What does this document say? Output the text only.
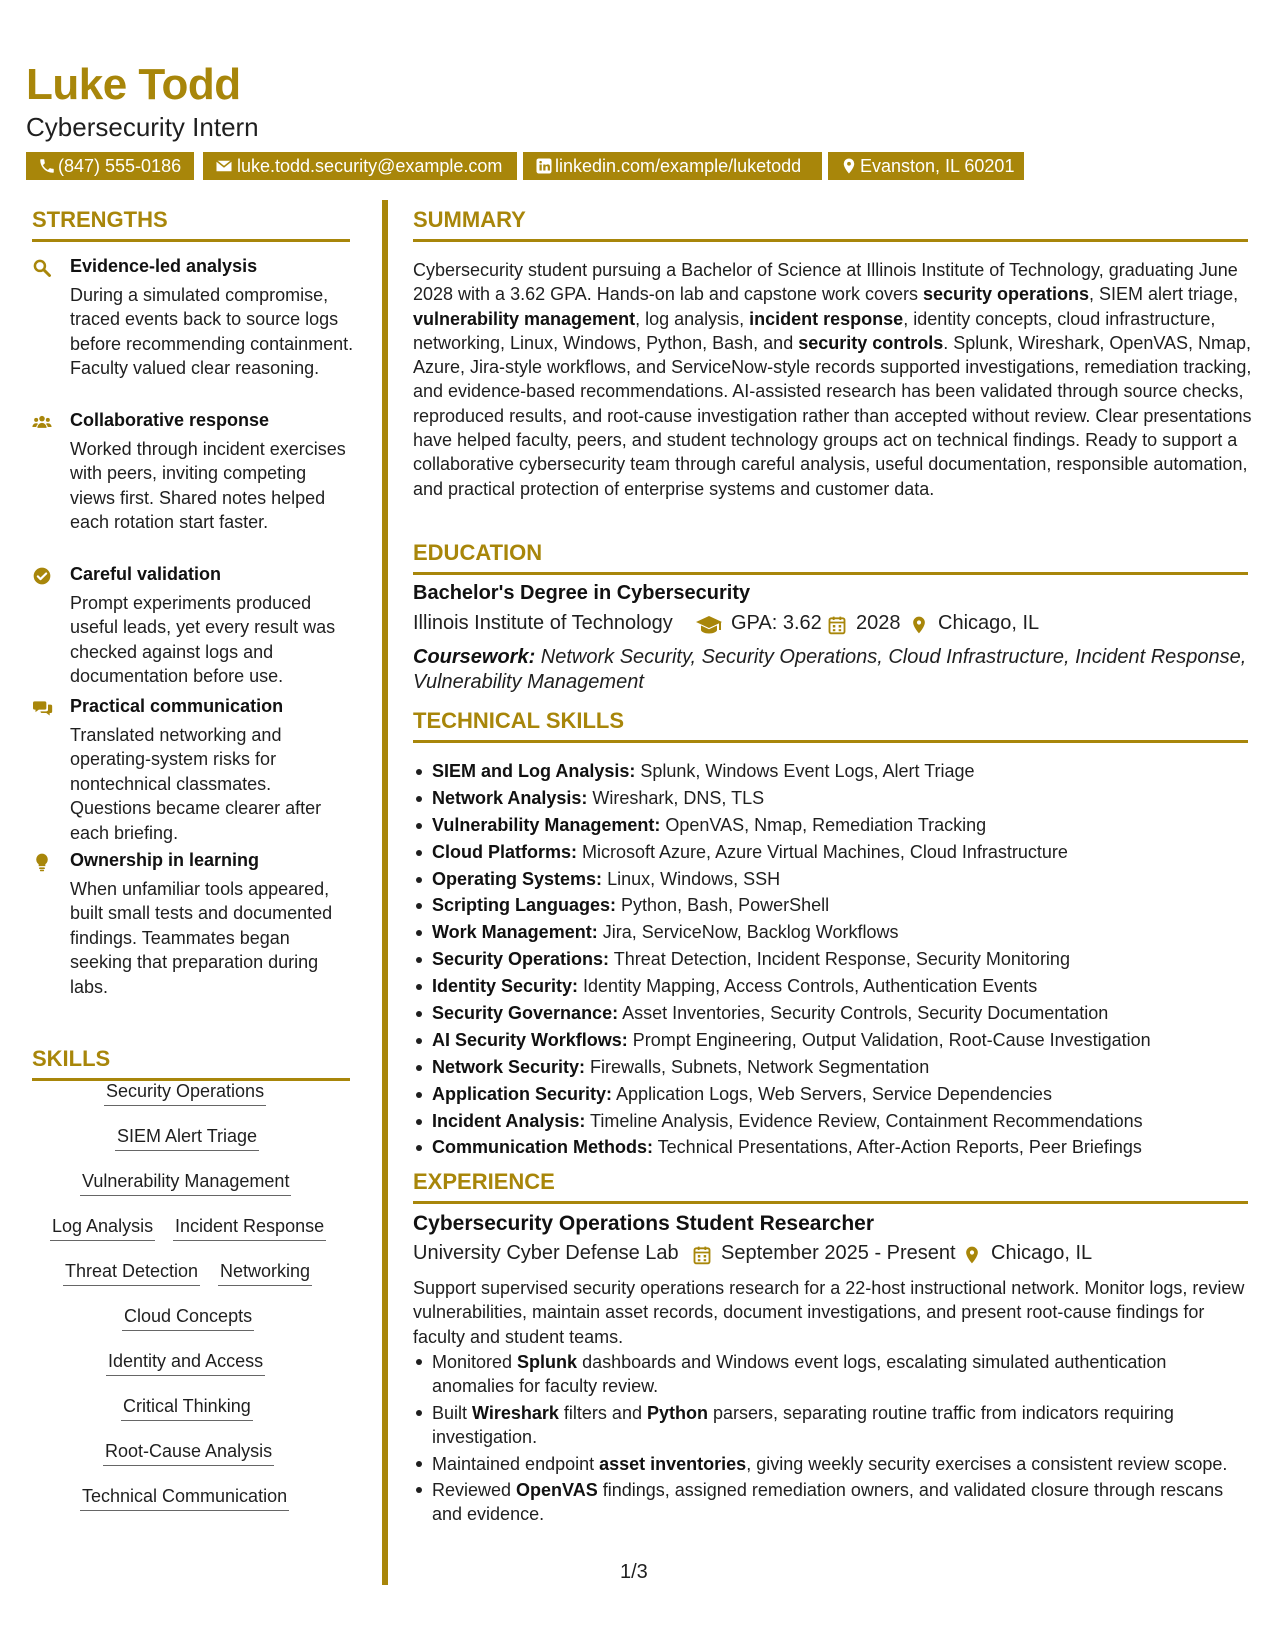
Luke Todd
Cybersecurity Intern
(847) 555-0186	luke.todd.security@example.com	linkedin.com/example/luketodd	Evanston, IL 60201
STRENGTHS
Evidence-led analysis
During a simulated compromise, traced events back to source logs before recommending containment. Faculty valued clear reasoning.
Collaborative response
Worked through incident exercises with peers, inviting competing views first. Shared notes helped each rotation start faster.
Careful validation
Prompt experiments produced useful leads, yet every result was checked against logs and documentation before use.
Practical communication
Translated networking and operating-system risks for nontechnical classmates. Questions became clearer after each briefing.
Ownership in learning
When unfamiliar tools appeared, built small tests and documented findings. Teammates began seeking that preparation during labs.
SKILLS
Security Operations
SIEM Alert Triage
Vulnerability Management
Log Analysis Incident Response
Threat Detection Networking
Cloud Concepts
Identity and Access
Critical Thinking
Root-Cause Analysis
Technical Communication
SUMMARY
Cybersecurity student pursuing a Bachelor of Science at Illinois Institute of Technology, graduating June 2028 with a 3.62 GPA. Hands-on lab and capstone work covers security operations, SIEM alert triage, vulnerability management, log analysis, incident response, identity concepts, cloud infrastructure, networking, Linux, Windows, Python, Bash, and security controls. Splunk, Wireshark, OpenVAS, Nmap, Azure, Jira-style workflows, and ServiceNow-style records supported investigations, remediation tracking, and evidence-based recommendations. AI-assisted research has been validated through source checks, reproduced results, and root-cause investigation rather than accepted without review. Clear presentations have helped faculty, peers, and student technology groups act on technical findings. Ready to support a collaborative cybersecurity team through careful analysis, useful documentation, responsible automation, and practical protection of enterprise systems and customer data.
EDUCATION
Bachelor's Degree in Cybersecurity
Illinois Institute of Technology	GPA: 3.62 2028 Chicago, IL
Coursework: Network Security, Security Operations, Cloud Infrastructure, Incident Response, Vulnerability Management
TECHNICAL SKILLS
SIEM and Log Analysis: Splunk, Windows Event Logs, Alert Triage
Network Analysis: Wireshark, DNS, TLS
Vulnerability Management: OpenVAS, Nmap, Remediation Tracking
Cloud Platforms: Microsoft Azure, Azure Virtual Machines, Cloud Infrastructure
Operating Systems: Linux, Windows, SSH
Scripting Languages: Python, Bash, PowerShell
Work Management: Jira, ServiceNow, Backlog Workflows
Security Operations: Threat Detection, Incident Response, Security Monitoring
Identity Security: Identity Mapping, Access Controls, Authentication Events
Security Governance: Asset Inventories, Security Controls, Security Documentation
AI Security Workflows: Prompt Engineering, Output Validation, Root-Cause Investigation
Network Security: Firewalls, Subnets, Network Segmentation
Application Security: Application Logs, Web Servers, Service Dependencies
Incident Analysis: Timeline Analysis, Evidence Review, Containment Recommendations
Communication Methods: Technical Presentations, After-Action Reports, Peer Briefings
EXPERIENCE
Cybersecurity Operations Student Researcher
University Cyber Defense Lab September 2025 - Present Chicago, IL
Support supervised security operations research for a 22-host instructional network. Monitor logs, review vulnerabilities, maintain asset records, document investigations, and present root-cause findings for faculty and student teams.
Monitored Splunk dashboards and Windows event logs, escalating simulated authentication anomalies for faculty review.
Built Wireshark filters and Python parsers, separating routine traffic from indicators requiring investigation.
Maintained endpoint asset inventories, giving weekly security exercises a consistent review scope.
Reviewed OpenVAS findings, assigned remediation owners, and validated closure through rescans and evidence.
1/3
